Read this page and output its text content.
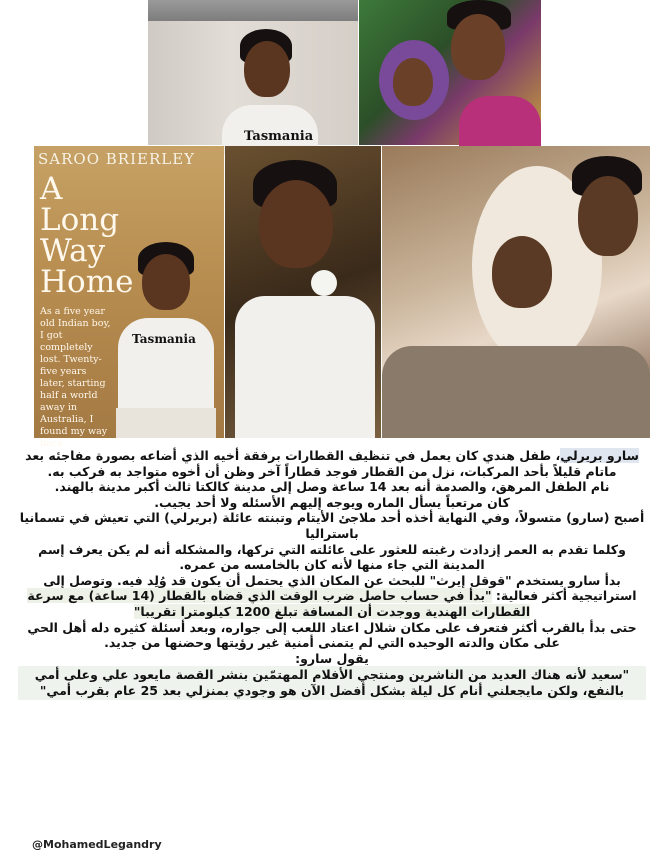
Tasmania
SAROO BRIERLEY
A
Long
Way
Home
As a five year old Indian boy, I got completely lost. Twenty-five years later, starting half a world away in Australia, I found my way back.
Tasmania

سارو بريرلي، طفل هندي كان يعمل في تنظيف القطارات برفقة أخيه الذي أضاعه بصورة مفاجئه بعد ماتام قليلاً بأحد المركبات، نزل من القطار فوجد قطاراً آخر وظن أن أخوه متواجد به فركب به.

نام الطفل المرهق، والصدمة أنه بعد 14 ساعة وصل إلى مدينة كالكتا ثالث أكبر مدينة بالهند.

كان مرتعباً يسأل الماره ويوجه إليهم الأسئله ولا أحد يجيب.

أصبح (سارو) متسولاً، وفي النهاية أخذه أحد ملاجئ الأيتام وتبنته عائلة (بريرلي) التي تعيش في تسمانيا باستراليا

وكلما تقدم به العمر إزدادت رغبته للعثور على عائلته التي تركها، والمشكله أنه لم يكن يعرف إسم المدينة التي جاء منها لأنه كان بالخامسه من عمره.

بدأ سارو يستخدم "قوقل إيرث" للبحث عن المكان الذي يحتمل أن يكون قد وُلِد فيه. وتوصل إلى استراتيجية أكثر فعالية: "بدأ في حساب حاصل ضرب الوقت الذي قضاه بالقطار (14 ساعة) مع سرعة القطارات الهندية ووجدت أن المسافة تبلغ 1200 كيلومترا تقريبا"

حتى بدأ بالقرب أكثر فتعرف على مكان شلال اعتاد اللعب إلى جواره، وبعد أسئلة كثيره دله أهل الحي على مكان والدته الوحيده التي لم يتمنى أمنية غير رؤيتها وحضنها من جديد.

يقول سارو:

"سعيد لأنه هناك العديد من الناشرين ومنتجي الأفلام المهتمّين بنشر القصة مايعود علي وعلى أمي بالنفع، ولكن مايجعلني أنام كل ليلة بشكل أفضل الآن هو وجودي بمنزلي بعد 25 عام بقرب أمي"

@MohamedLegandry
